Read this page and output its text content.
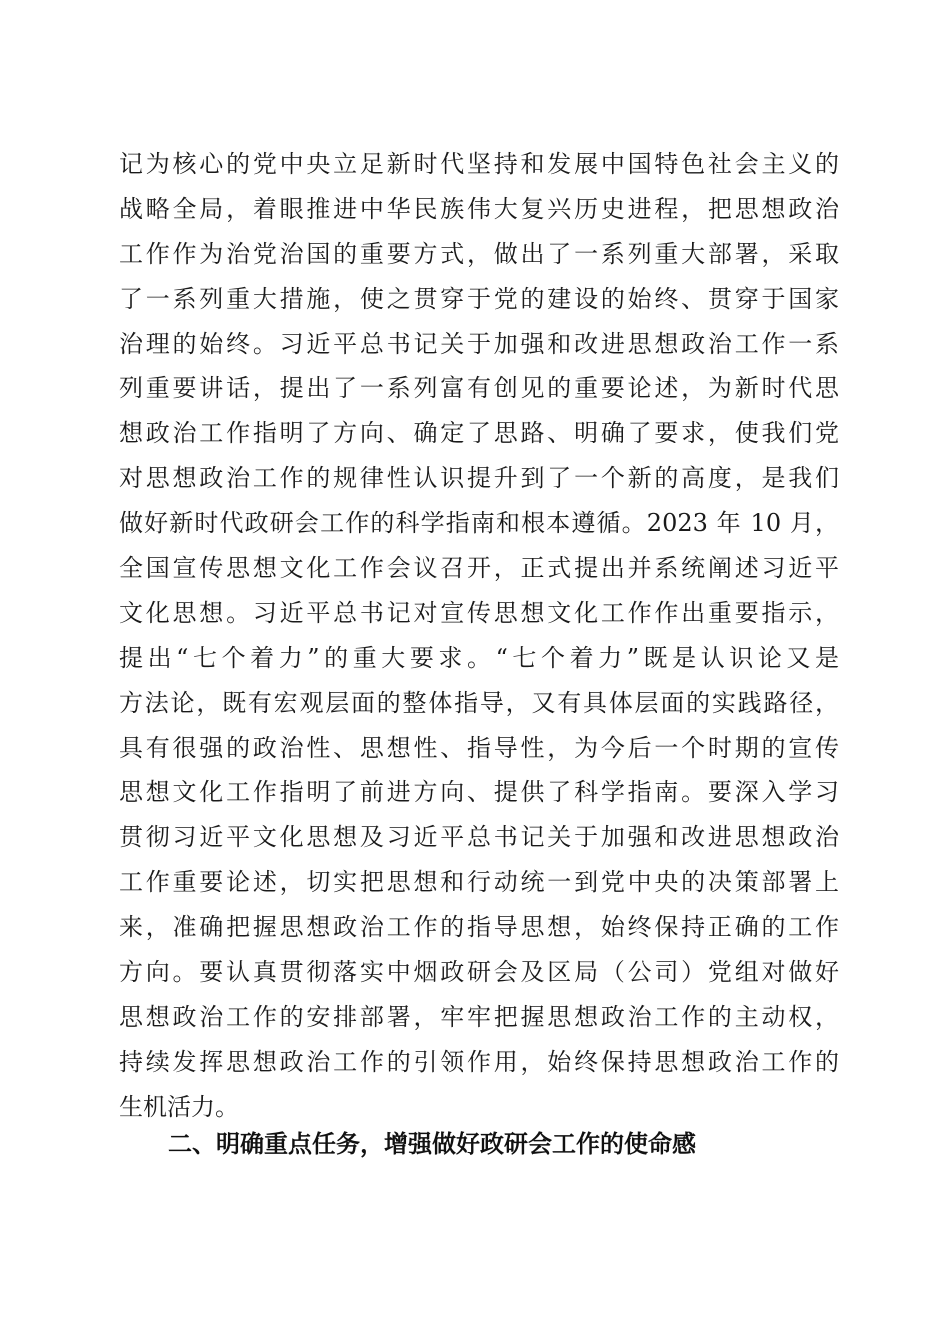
记为核心的党中央立足新时代坚持和发展中国特色社会主义的
战略全局，着眼推进中华民族伟大复兴历史进程，把思想政治
工作作为治党治国的重要方式，做出了一系列重大部署，采取
了一系列重大措施，使之贯穿于党的建设的始终、贯穿于国家
治理的始终。习近平总书记关于加强和改进思想政治工作一系
列重要讲话，提出了一系列富有创见的重要论述，为新时代思
想政治工作指明了方向、确定了思路、明确了要求，使我们党
对思想政治工作的规律性认识提升到了一个新的高度，是我们
做好新时代政研会工作的科学指南和根本遵循。2023 年 10 月，
全国宣传思想文化工作会议召开，正式提出并系统阐述习近平
文化思想。习近平总书记对宣传思想文化工作作出重要指示，
提出“七个着力”的重大要求。“七个着力”既是认识论又是
方法论，既有宏观层面的整体指导，又有具体层面的实践路径，
具有很强的政治性、思想性、指导性，为今后一个时期的宣传
思想文化工作指明了前进方向、提供了科学指南。要深入学习
贯彻习近平文化思想及习近平总书记关于加强和改进思想政治
工作重要论述，切实把思想和行动统一到党中央的决策部署上
来，准确把握思想政治工作的指导思想，始终保持正确的工作
方向。要认真贯彻落实中烟政研会及区局（公司）党组对做好
思想政治工作的安排部署，牢牢把握思想政治工作的主动权，
持续发挥思想政治工作的引领作用，始终保持思想政治工作的
生机活力。
二、明确重点任务，增强做好政研会工作的使命感
